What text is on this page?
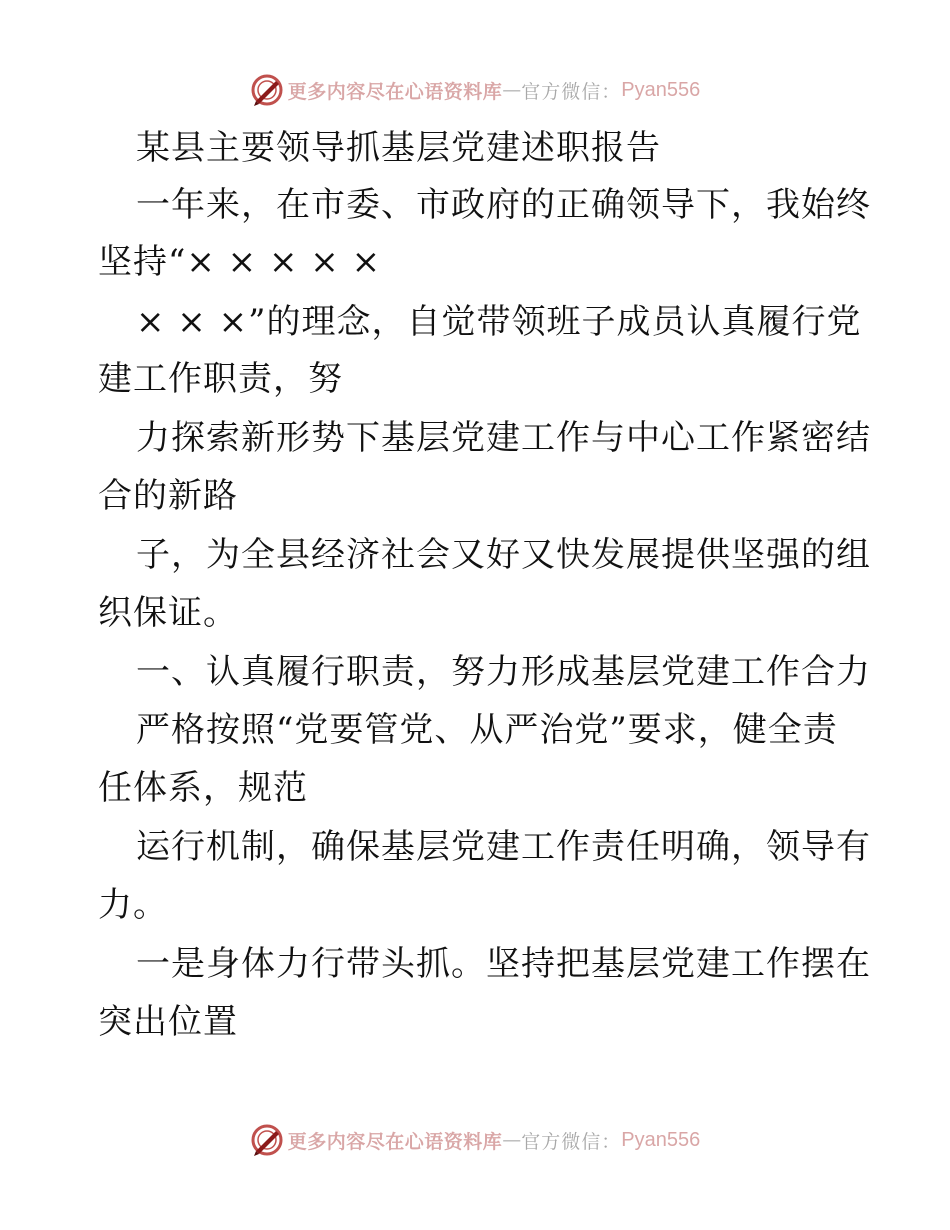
更多内容尽在心语资料库 — 官方微信： Pyan556
某县主要领导抓基层党建述职报告
一年来，在市委、市政府的正确领导下，我始终
坚持“× × × × ×
× × ×”的理念，自觉带领班子成员认真履行党
建工作职责，努
力探索新形势下基层党建工作与中心工作紧密结
合的新路
子，为全县经济社会又好又快发展提供坚强的组
织保证。
一、认真履行职责，努力形成基层党建工作合力
严格按照“党要管党、从严治党”要求，健全责
任体系，规范
运行机制，确保基层党建工作责任明确，领导有
力。
一是身体力行带头抓。坚持把基层党建工作摆在
突出位置
更多内容尽在心语资料库 — 官方微信： Pyan556
